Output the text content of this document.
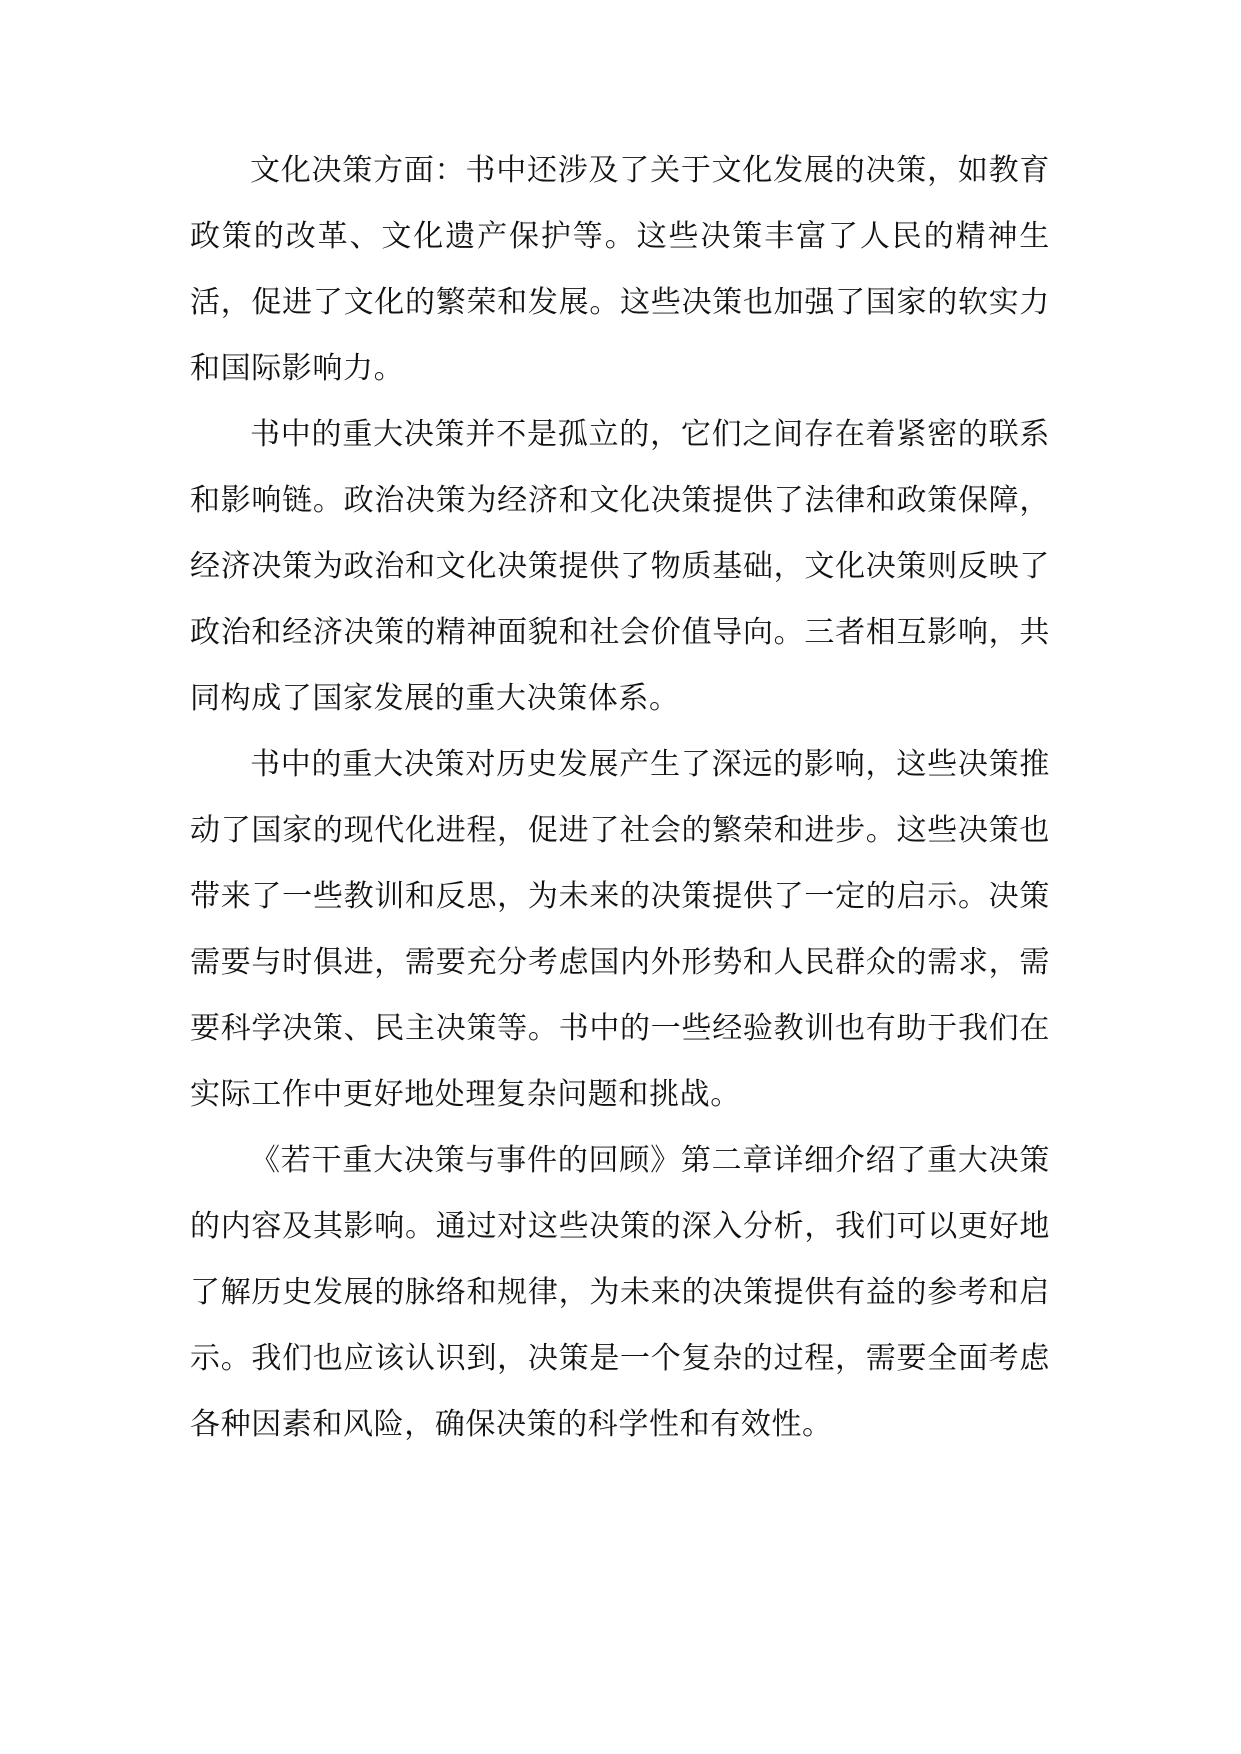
文化决策方面：书中还涉及了关于文化发展的决策，如教育政策的改革、文化遗产保护等。这些决策丰富了人民的精神生活，促进了文化的繁荣和发展。这些决策也加强了国家的软实力和国际影响力。

书中的重大决策并不是孤立的，它们之间存在着紧密的联系和影响链。政治决策为经济和文化决策提供了法律和政策保障，经济决策为政治和文化决策提供了物质基础，文化决策则反映了政治和经济决策的精神面貌和社会价值导向。三者相互影响，共同构成了国家发展的重大决策体系。

书中的重大决策对历史发展产生了深远的影响，这些决策推动了国家的现代化进程，促进了社会的繁荣和进步。这些决策也带来了一些教训和反思，为未来的决策提供了一定的启示。决策需要与时俱进，需要充分考虑国内外形势和人民群众的需求，需要科学决策、民主决策等。书中的一些经验教训也有助于我们在实际工作中更好地处理复杂问题和挑战。

《若干重大决策与事件的回顾》第二章详细介绍了重大决策的内容及其影响。通过对这些决策的深入分析，我们可以更好地了解历史发展的脉络和规律，为未来的决策提供有益的参考和启示。我们也应该认识到，决策是一个复杂的过程，需要全面考虑各种因素和风险，确保决策的科学性和有效性。
